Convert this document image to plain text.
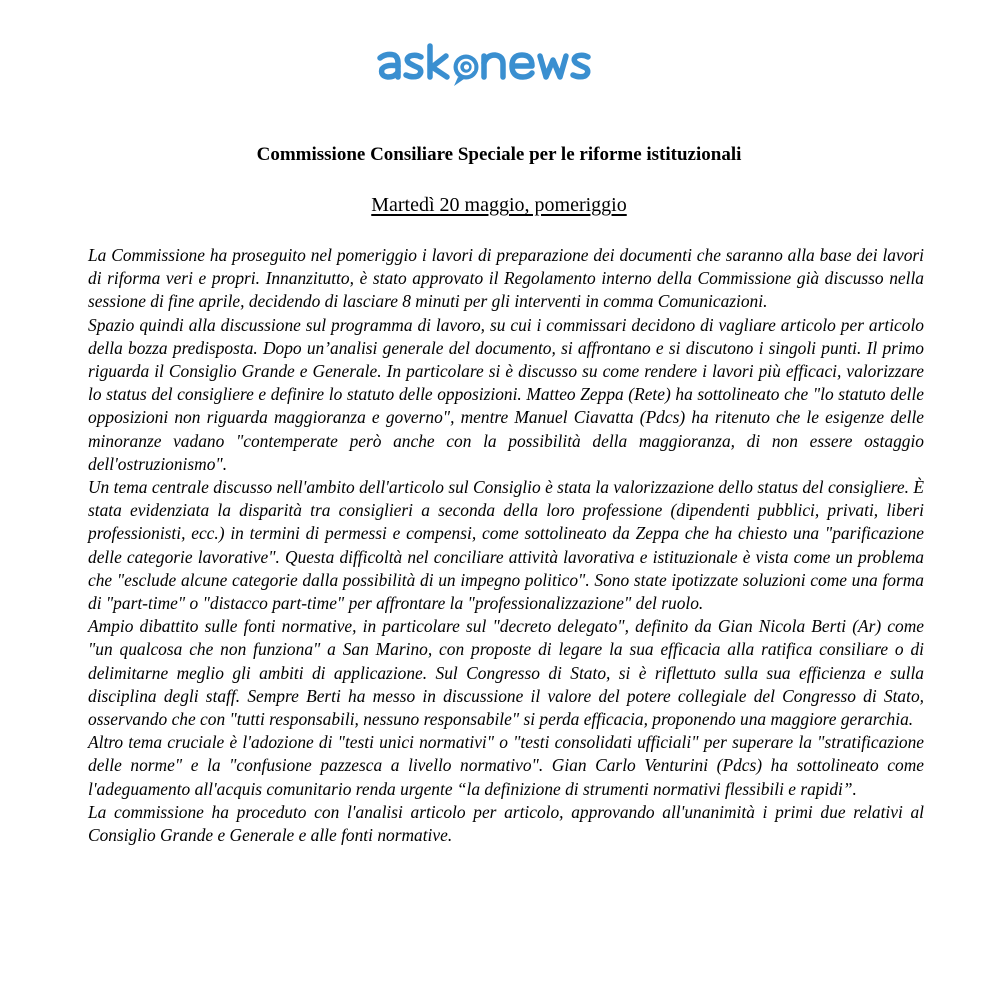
Commissione Consiliare Speciale per le riforme istituzionali
Martedì 20 maggio, pomeriggio

La Commissione ha proseguito nel pomeriggio i lavori di preparazione dei documenti che saranno alla base dei lavori di riforma veri e propri. Innanzitutto, è stato approvato il Regolamento interno della Commissione già discusso nella sessione di fine aprile, decidendo di lasciare 8 minuti per gli interventi in comma Comunicazioni.

Spazio quindi alla discussione sul programma di lavoro, su cui i commissari decidono di vagliare articolo per articolo della bozza predisposta. Dopo un’analisi generale del documento, si affrontano e si discutono i singoli punti. Il primo riguarda il Consiglio Grande e Generale. In particolare si è discusso su come rendere i lavori più efficaci, valorizzare lo status del consigliere e definire lo statuto delle opposizioni. Matteo Zeppa (Rete) ha sottolineato che "lo statuto delle opposizioni non riguarda maggioranza e governo", mentre Manuel Ciavatta (Pdcs) ha ritenuto che le esigenze delle minoranze vadano "contemperate però anche con la possibilità della maggioranza, di non essere ostaggio dell'ostruzionismo".

Un tema centrale discusso nell'ambito dell'articolo sul Consiglio è stata la valorizzazione dello status del consigliere. È stata evidenziata la disparità tra consiglieri a seconda della loro professione (dipendenti pubblici, privati, liberi professionisti, ecc.) in termini di permessi e compensi, come sottolineato da Zeppa che ha chiesto una "parificazione delle categorie lavorative". Questa difficoltà nel conciliare attività lavorativa e istituzionale è vista come un problema che "esclude alcune categorie dalla possibilità di un impegno politico". Sono state ipotizzate soluzioni come una forma di "part-time" o "distacco part-time" per affrontare la "professionalizzazione" del ruolo.

Ampio dibattito sulle fonti normative, in particolare sul "decreto delegato", definito da Gian Nicola Berti (Ar) come "un qualcosa che non funziona" a San Marino, con proposte di legare la sua efficacia alla ratifica consiliare o di delimitarne meglio gli ambiti di applicazione. Sul Congresso di Stato, si è riflettuto sulla sua efficienza e sulla disciplina degli staff. Sempre Berti ha messo in discussione il valore del potere collegiale del Congresso di Stato, osservando che con "tutti responsabili, nessuno responsabile" si perda efficacia, proponendo una maggiore gerarchia.

Altro tema cruciale è l'adozione di "testi unici normativi" o "testi consolidati ufficiali" per superare la "stratificazione delle norme" e la "confusione pazzesca a livello normativo". Gian Carlo Venturini (Pdcs) ha sottolineato come l'adeguamento all'acquis comunitario renda urgente “la definizione di strumenti normativi flessibili e rapidi”.

La commissione ha proceduto con l'analisi articolo per articolo, approvando all'unanimità i primi due relativi al Consiglio Grande e Generale e alle fonti normative.
